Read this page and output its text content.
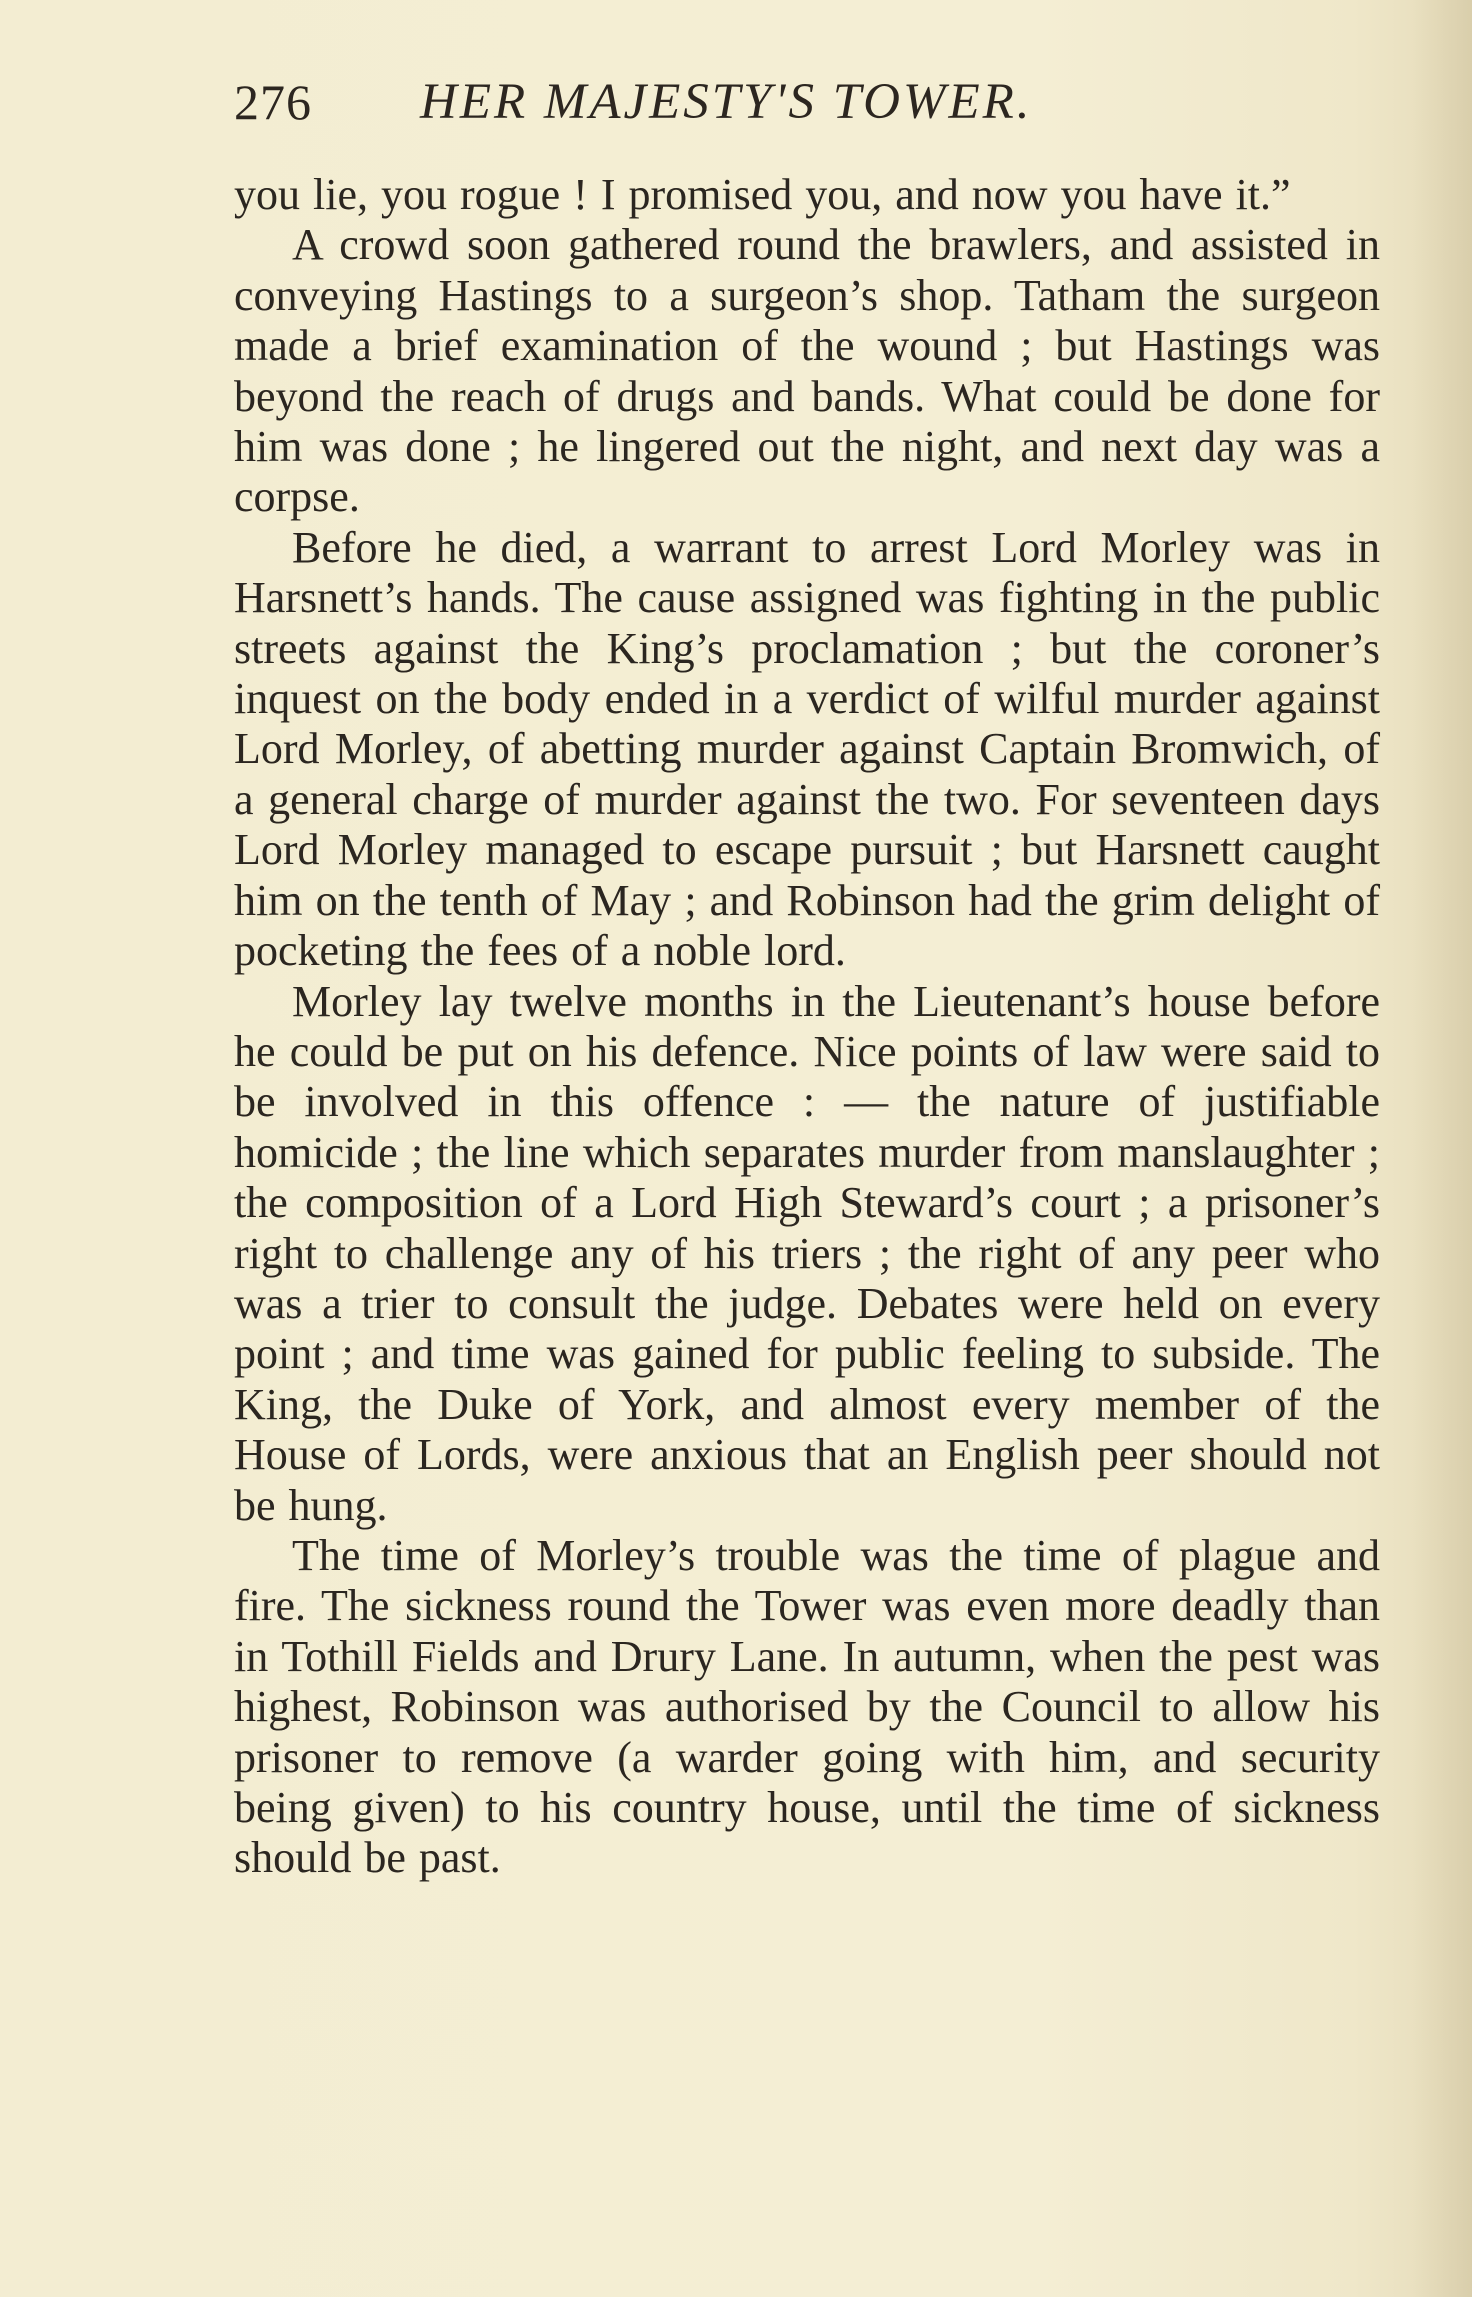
276 HER MAJESTY'S TOWER.

you lie, you rogue ! I promised you, and now you have it.”

A crowd soon gathered round the brawlers, and assisted in conveying Hastings to a surgeon’s shop. Tatham the surgeon made a brief examination of the wound ; but Hastings was beyond the reach of drugs and bands. What could be done for him was done ; he lingered out the night, and next day was a corpse.

Before he died, a warrant to arrest Lord Morley was in Harsnett’s hands. The cause assigned was fighting in the public streets against the King’s proclamation ; but the coroner’s inquest on the body ended in a verdict of wilful murder against Lord Morley, of abetting murder against Captain Bromwich, of a general charge of murder against the two. For seventeen days Lord Morley managed to escape pursuit ; but Harsnett caught him on the tenth of May ; and Robinson had the grim delight of pocketing the fees of a noble lord.

Morley lay twelve months in the Lieutenant’s house before he could be put on his defence. Nice points of law were said to be involved in this offence : — the nature of justifiable homicide ; the line which separates murder from manslaughter ; the composition of a Lord High Steward’s court ; a prisoner’s right to challenge any of his triers ; the right of any peer who was a trier to consult the judge. Debates were held on every point ; and time was gained for public feeling to subside. The King, the Duke of York, and almost every member of the House of Lords, were anxious that an English peer should not be hung.

The time of Morley’s trouble was the time of plague and fire. The sickness round the Tower was even more deadly than in Tothill Fields and Drury Lane. In autumn, when the pest was highest, Robinson was authorised by the Council to allow his prisoner to remove (a warder going with him, and security being given) to his country house, until the time of sickness should be past.
